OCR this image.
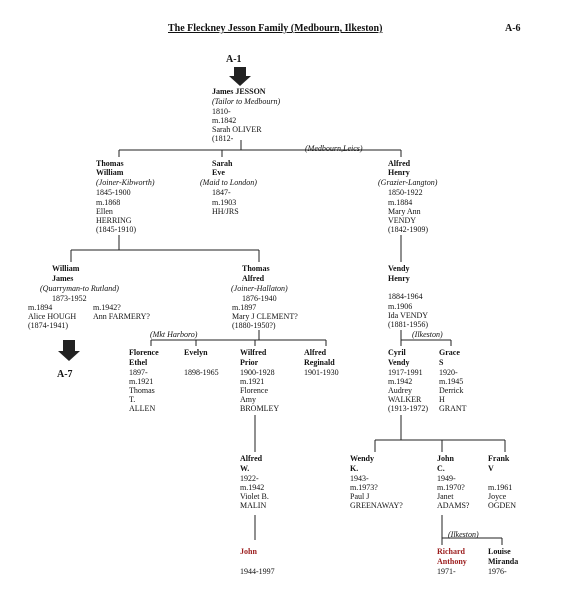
The Fleckney Jesson Family (Medbourn, Ilkeston)	A-6
A-1
A-7
James JESSON
(Tailor to Medbourn)
1810-
m.1842
Sarah OLIVER
(1812-
(Medbourn,Leics)
(Mkt Harboro)	(Ilkeston)
(Ilkeston)
Thomas
William
(Joiner-Kibworth)
1845-1900
m.1868
Ellen
HERRING
(1845-1910)
Sarah
Eve
(Maid to London)
1847-
m.1903
HH/JRS
Alfred
Henry
(Grazier-Langton)
1850-1922
m.1884
Mary Ann
VENDY
(1842-1909)
William
James
(Quarryman-to Rutland)
1873-1952
m.1894
Alice HOUGH
(1874-1941)
m.1942?
Ann FARMERY?
Thomas
Alfred
(Joiner-Hallaton)
1876-1940
m.1897
Mary J CLEMENT?
(1880-1950?)
Vendy
Henry
1884-1964
m.1906
Ida VENDY
(1881-1956)
Florence
Ethel
1897-
m.1921
Thomas
T.
ALLEN
Evelyn
1898-1965
Wilfred
Prior
1900-1928
m.1921
Florence
Amy
BROMLEY
Alfred
Reginald
1901-1930
Cyril
Vendy
1917-1991
m.1942
Audrey
WALKER
(1913-1972)
Grace
S
1920-
m.1945
Derrick
H
GRANT
Alfred
W.
1922-
m.1942
Violet B.
MALIN
Wendy
K.
1943-
m.1973?
Paul J
GREENAWAY?
John
C.
1949-
m.1970?
Janet
ADAMS?
Frank
V
m.1961
Joyce
OGDEN
John
1944-1997
Richard
Anthony
1971-
Louise
Miranda
1976-
